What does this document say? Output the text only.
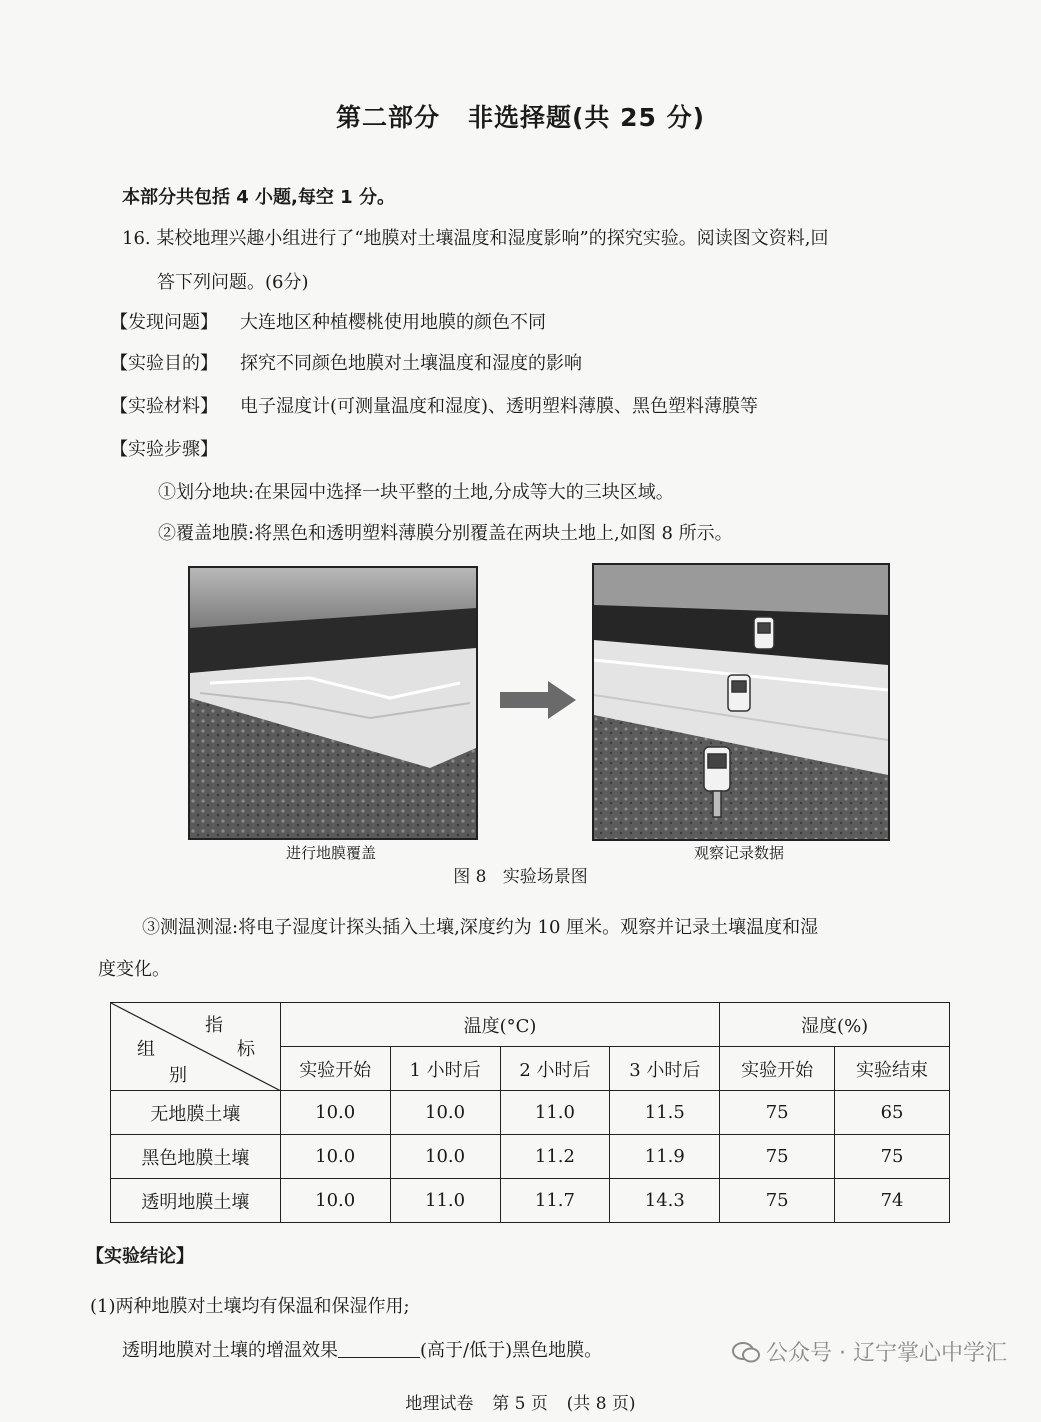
第二部分 非选择题(共 25 分)
本部分共包括 4 小题,每空 1 分。
16. 某校地理兴趣小组进行了“地膜对土壤温度和湿度影响”的探究实验。阅读图文资料,回
答下列问题。(6分)
【发现问题】 大连地区种植樱桃使用地膜的颜色不同
【实验目的】 探究不同颜色地膜对土壤温度和湿度的影响
【实验材料】 电子湿度计(可测量温度和湿度)、透明塑料薄膜、黑色塑料薄膜等
【实验步骤】
①划分地块:在果园中选择一块平整的土地,分成等大的三块区域。
②覆盖地膜:将黑色和透明塑料薄膜分别覆盖在两块土地上,如图 8 所示。
进行地膜覆盖	观察记录数据
图 8   实验场景图
③测温测湿:将电子湿度计探头插入土壤,深度约为 10 厘米。观察并记录土壤温度和湿
度变化。
指
标
组
别	温度(°C)				湿度(%)	
	实验开始	1 小时后	2 小时后	3 小时后	实验开始	实验结束
无地膜土壤	10.0	10.0	11.0	11.5	75	65
黑色地膜土壤	10.0	10.0	11.2	11.9	75	75
透明地膜土壤	10.0	11.0	11.7	14.3	75	74
【实验结论】
(1)两种地膜对土壤均有保温和保湿作用;
透明地膜对土壤的增温效果	(高于/低于)黑色地膜。	公众号 · 辽宁掌心中学汇
地理试卷 第 5 页 (共 8 页)
